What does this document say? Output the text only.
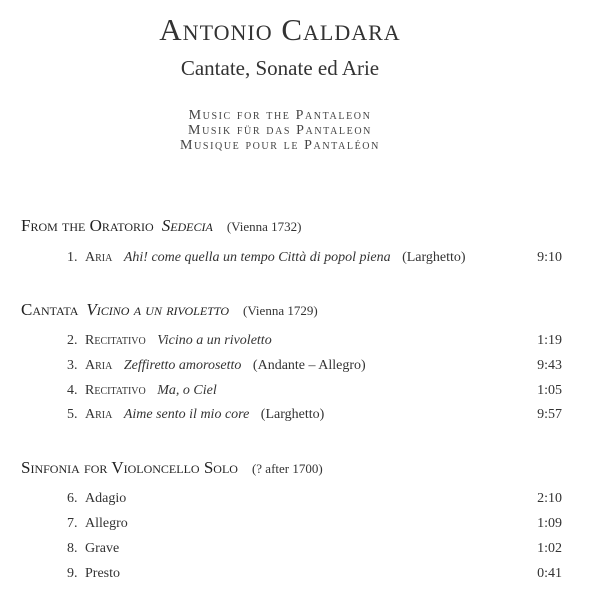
Antonio Caldara
Cantate, Sonate ed Arie
Music for the Pantaleon
Musik für das Pantaleon
Musique pour le Pantaléon
From the Oratorio Sedecia (Vienna 1732)
1. Aria Ahi! come quella un tempo Città di popol piena (Larghetto)	9:10
Cantata Vicino a un rivoletto (Vienna 1729)
2. Recitativo Vicino a un rivoletto	1:19
3. Aria Zeffiretto amorosetto (Andante – Allegro)	9:43
4. Recitativo Ma, o Ciel	1:05
5. Aria Aime sento il mio core (Larghetto)	9:57
Sinfonia for Violoncello Solo (? after 1700)
6. Adagio	2:10
7. Allegro	1:09
8. Grave	1:02
9. Presto	0:41
